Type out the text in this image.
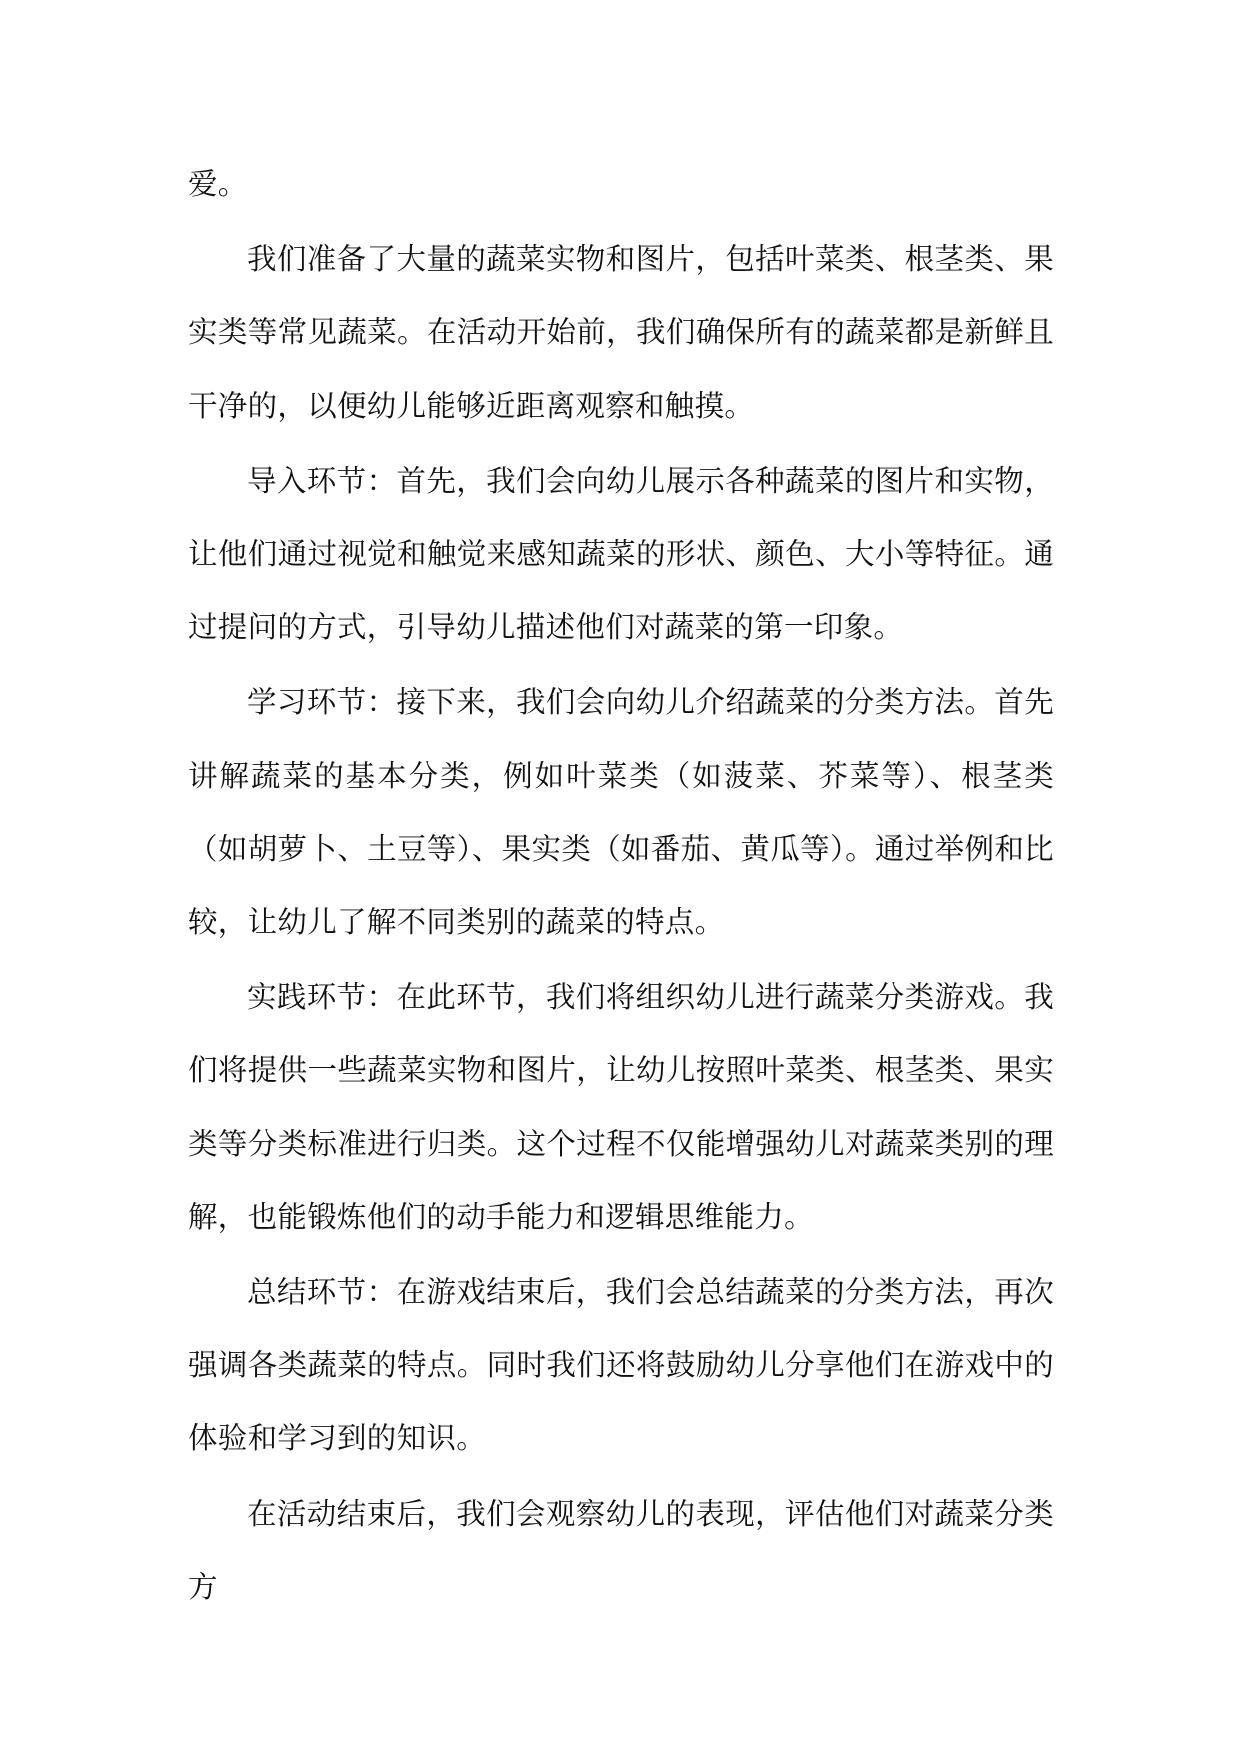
爱。

我们准备了大量的蔬菜实物和图片，包括叶菜类、根茎类、果实类等常见蔬菜。在活动开始前，我们确保所有的蔬菜都是新鲜且干净的，以便幼儿能够近距离观察和触摸。

导入环节：首先，我们会向幼儿展示各种蔬菜的图片和实物，让他们通过视觉和触觉来感知蔬菜的形状、颜色、大小等特征。通过提问的方式，引导幼儿描述他们对蔬菜的第一印象。

学习环节：接下来，我们会向幼儿介绍蔬菜的分类方法。首先讲解蔬菜的基本分类，例如叶菜类（如菠菜、芥菜等）、根茎类（如胡萝卜、土豆等）、果实类（如番茄、黄瓜等）。通过举例和比较，让幼儿了解不同类别的蔬菜的特点。

实践环节：在此环节，我们将组织幼儿进行蔬菜分类游戏。我们将提供一些蔬菜实物和图片，让幼儿按照叶菜类、根茎类、果实类等分类标准进行归类。这个过程不仅能增强幼儿对蔬菜类别的理解，也能锻炼他们的动手能力和逻辑思维能力。

总结环节：在游戏结束后，我们会总结蔬菜的分类方法，再次强调各类蔬菜的特点。同时我们还将鼓励幼儿分享他们在游戏中的体验和学习到的知识。

在活动结束后，我们会观察幼儿的表现，评估他们对蔬菜分类方
